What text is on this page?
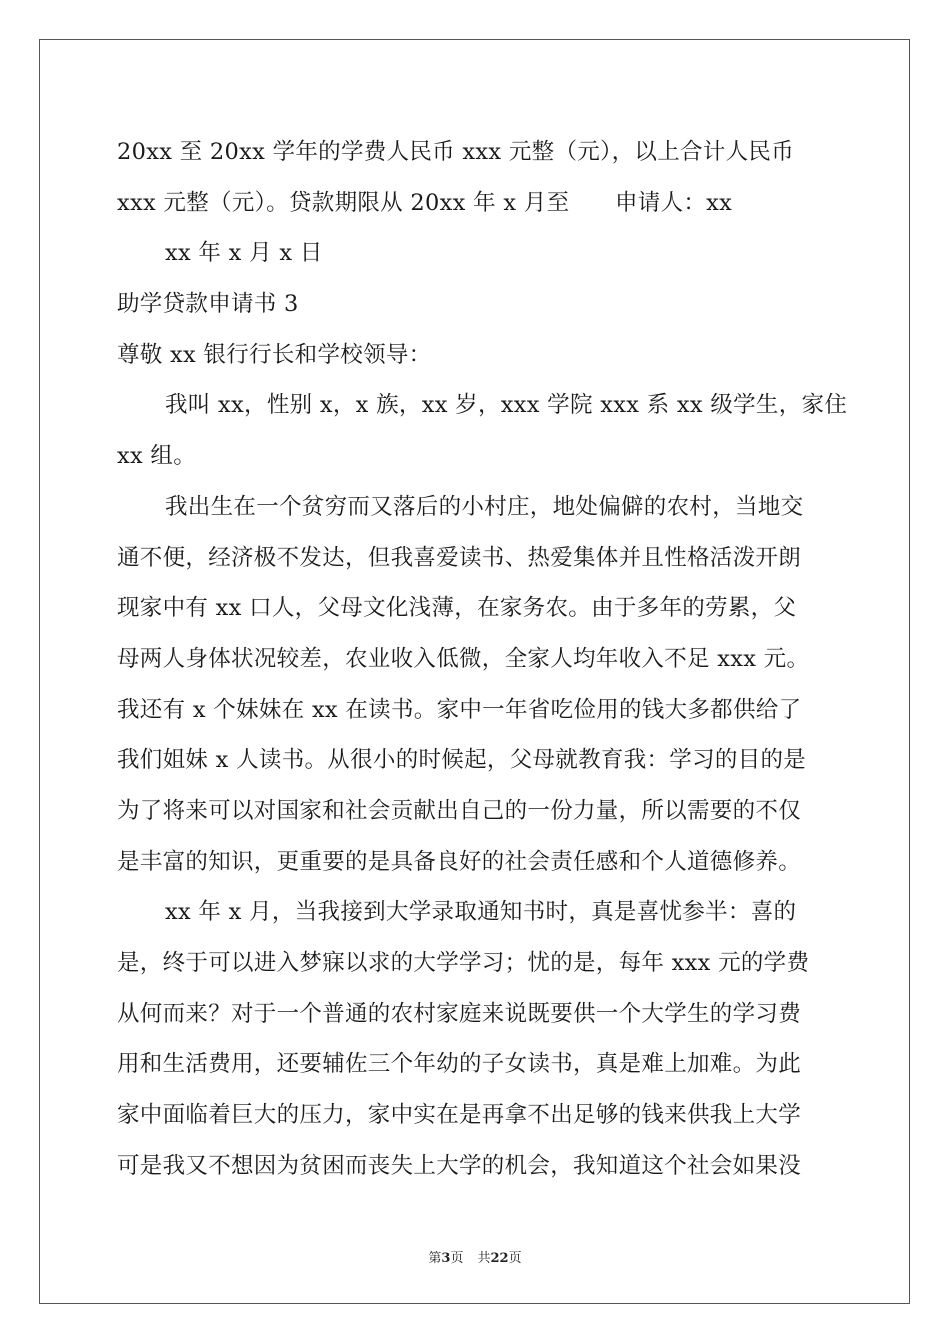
20xx 至 20xx 学年的学费人民币 xxx 元整（元），以上合计人民币
xxx 元整（元）。贷款期限从 20xx 年 x 月至　　申请人：xx
xx 年 x 月 x 日
助学贷款申请书 3
尊敬 xx 银行行长和学校领导：
我叫 xx，性别 x，x 族，xx 岁，xxx 学院 xxx 系 xx 级学生，家住
xx 组。
我出生在一个贫穷而又落后的小村庄，地处偏僻的农村，当地交
通不便，经济极不发达，但我喜爱读书、热爱集体并且性格活泼开朗
现家中有 xx 口人，父母文化浅薄，在家务农。由于多年的劳累，父
母两人身体状况较差，农业收入低微，全家人均年收入不足 xxx 元。
我还有 x 个妹妹在 xx 在读书。家中一年省吃俭用的钱大多都供给了
我们姐妹 x 人读书。从很小的时候起，父母就教育我：学习的目的是
为了将来可以对国家和社会贡献出自己的一份力量，所以需要的不仅
是丰富的知识，更重要的是具备良好的社会责任感和个人道德修养。
xx 年 x 月，当我接到大学录取通知书时，真是喜忧参半：喜的
是，终于可以进入梦寐以求的大学学习；忧的是，每年 xxx 元的学费
从何而来？对于一个普通的农村家庭来说既要供一个大学生的学习费
用和生活费用，还要辅佐三个年幼的子女读书，真是难上加难。为此
家中面临着巨大的压力，家中实在是再拿不出足够的钱来供我上大学
可是我又不想因为贫困而丧失上大学的机会，我知道这个社会如果没
第3页 共22页
